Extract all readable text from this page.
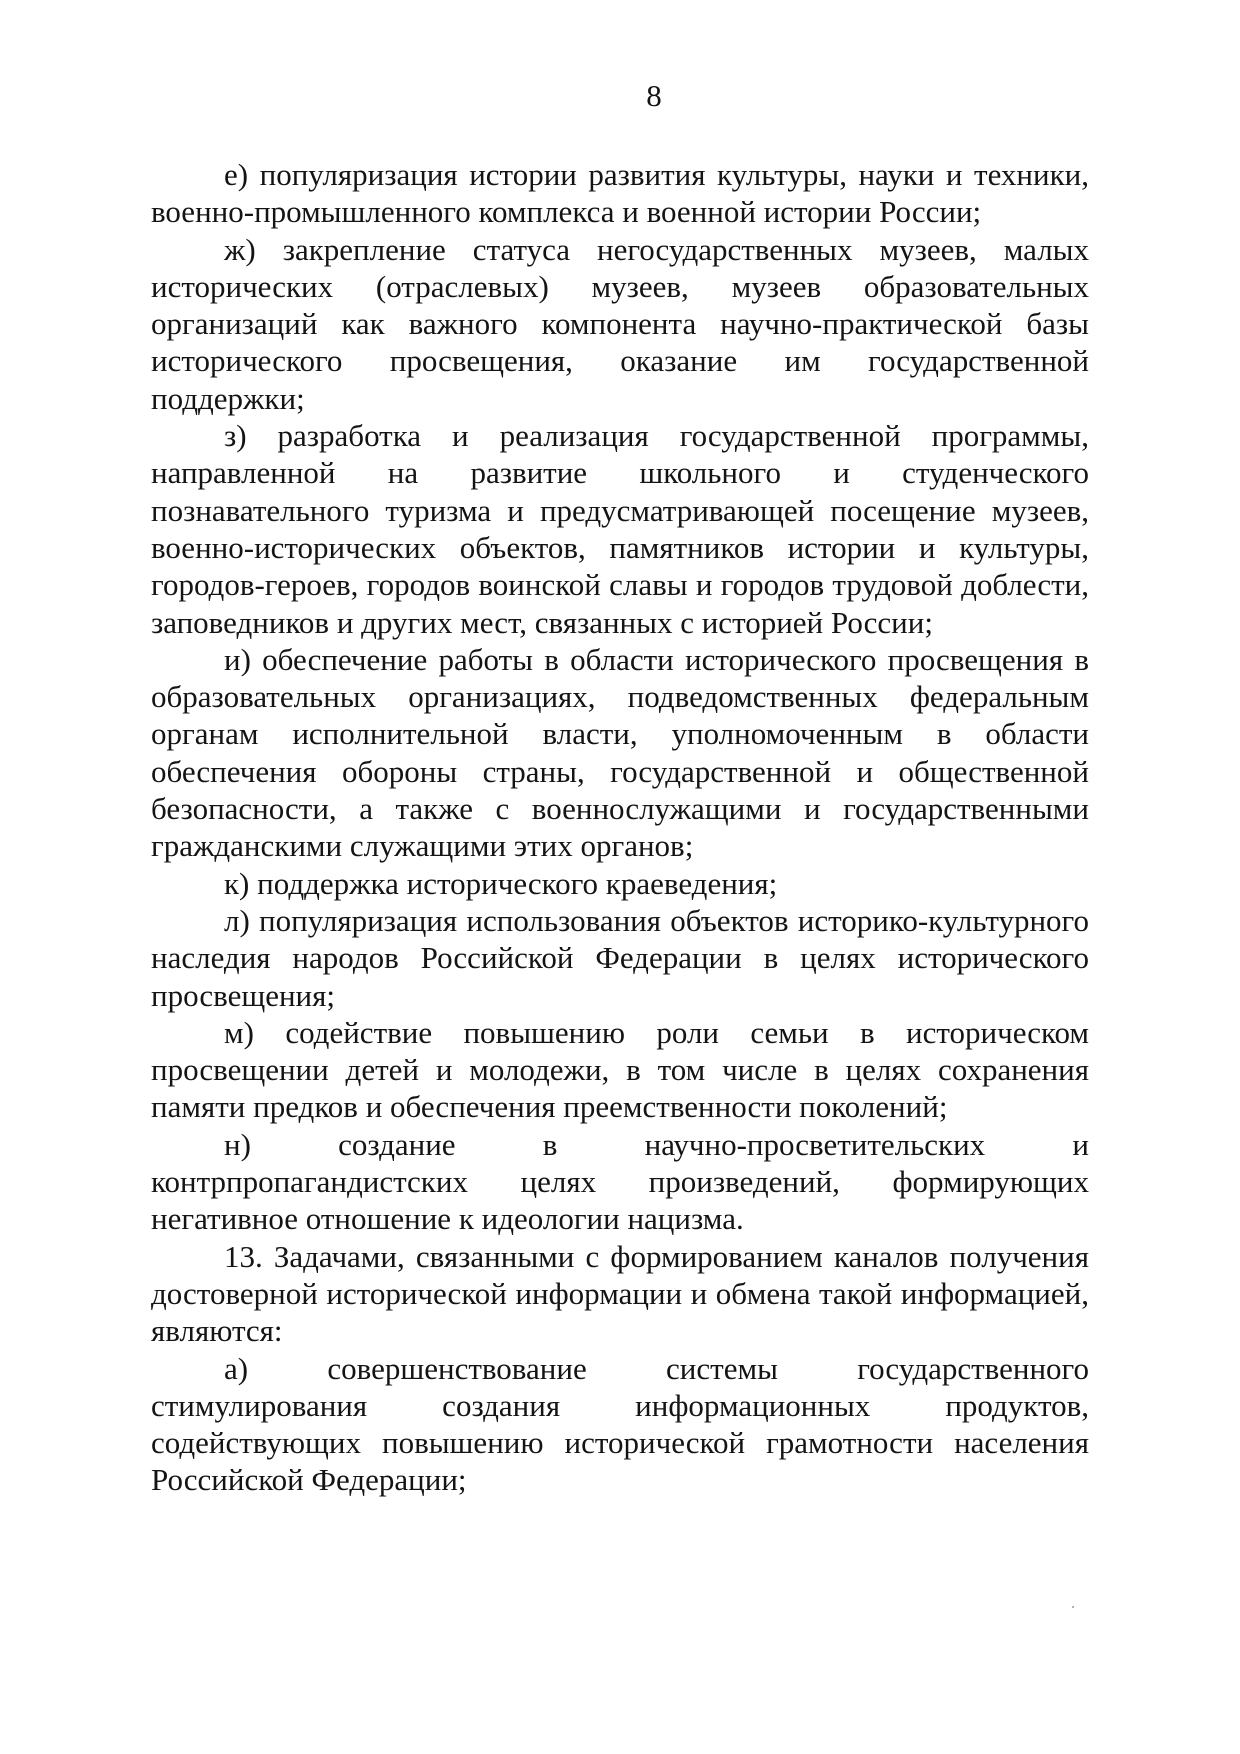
8

е) популяризация истории развития культуры, науки и техники, военно-промышленного комплекса и военной истории России;

ж) закрепление статуса негосударственных музеев, малых исторических (отраслевых) музеев, музеев образовательных организаций как важного компонента научно-практической базы исторического просвещения, оказание им государственной поддержки;

з) разработка и реализация государственной программы, направленной на развитие школьного и студенческого познавательного туризма и предусматривающей посещение музеев, военно-исторических объектов, памятников истории и культуры, городов-героев, городов воинской славы и городов трудовой доблести, заповедников и других мест, связанных с историей России;

и) обеспечение работы в области исторического просвещения в образовательных организациях, подведомственных федеральным органам исполнительной власти, уполномоченным в области обеспечения обороны страны, государственной и общественной безопасности, а также с военнослужащими и государственными гражданскими служащими этих органов;

к) поддержка исторического краеведения;

л) популяризация использования объектов историко-культурного наследия народов Российской Федерации в целях исторического просвещения;

м) содействие повышению роли семьи в историческом просвещении детей и молодежи, в том числе в целях сохранения памяти предков и обеспечения преемственности поколений;

н) создание в научно-просветительских и контрпропагандистских целях произведений, формирующих негативное отношение к идеологии нацизма.

13. Задачами, связанными с формированием каналов получения достоверной исторической информации и обмена такой информацией, являются:

а) совершенствование системы государственного стимулирования создания информационных продуктов, содействующих повышению исторической грамотности населения Российской Федерации;
